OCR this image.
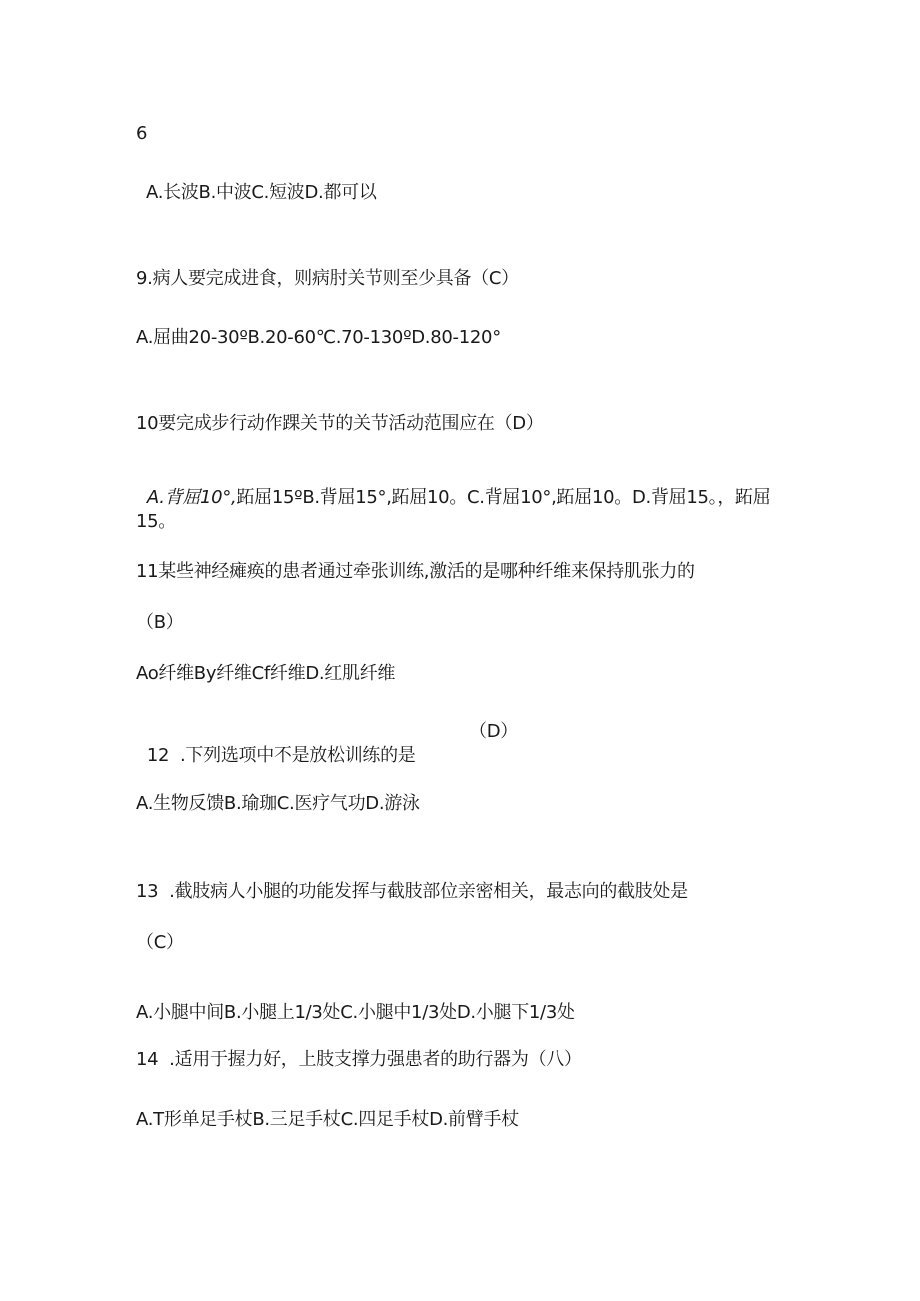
6
A.长波B.中波C.短波D.都可以
9.病人要完成进食，则病肘关节则至少具备（C）
A.屈曲20-30ºB.20-60℃.70-130ºD.80-120°
10要完成步行动作踝关节的关节活动范围应在（D）

A.背屈10°,跖屈15ºB.背屈15°,跖屈10。C.背屈10°,跖屈10。D.背屈15。，跖屈

15。
11某些神经瘫痪的患者通过牵张训练,激活的是哪种纤维来保持肌张力的
（B）
Ao纤维By纤维Cf纤维D.红肌纤维

12  .下列选项中不是放松训练的是
（D）

A.生物反馈B.瑜珈C.医疗气功D.游泳
13  .截肢病人小腿的功能发挥与截肢部位亲密相关，最志向的截肢处是
（C）
A.小腿中间B.小腿上1/3处C.小腿中1/3处D.小腿下1/3处
14  .适用于握力好，上肢支撑力强患者的助行器为（八）
A.T形单足手杖B.三足手杖C.四足手杖D.前臂手杖
